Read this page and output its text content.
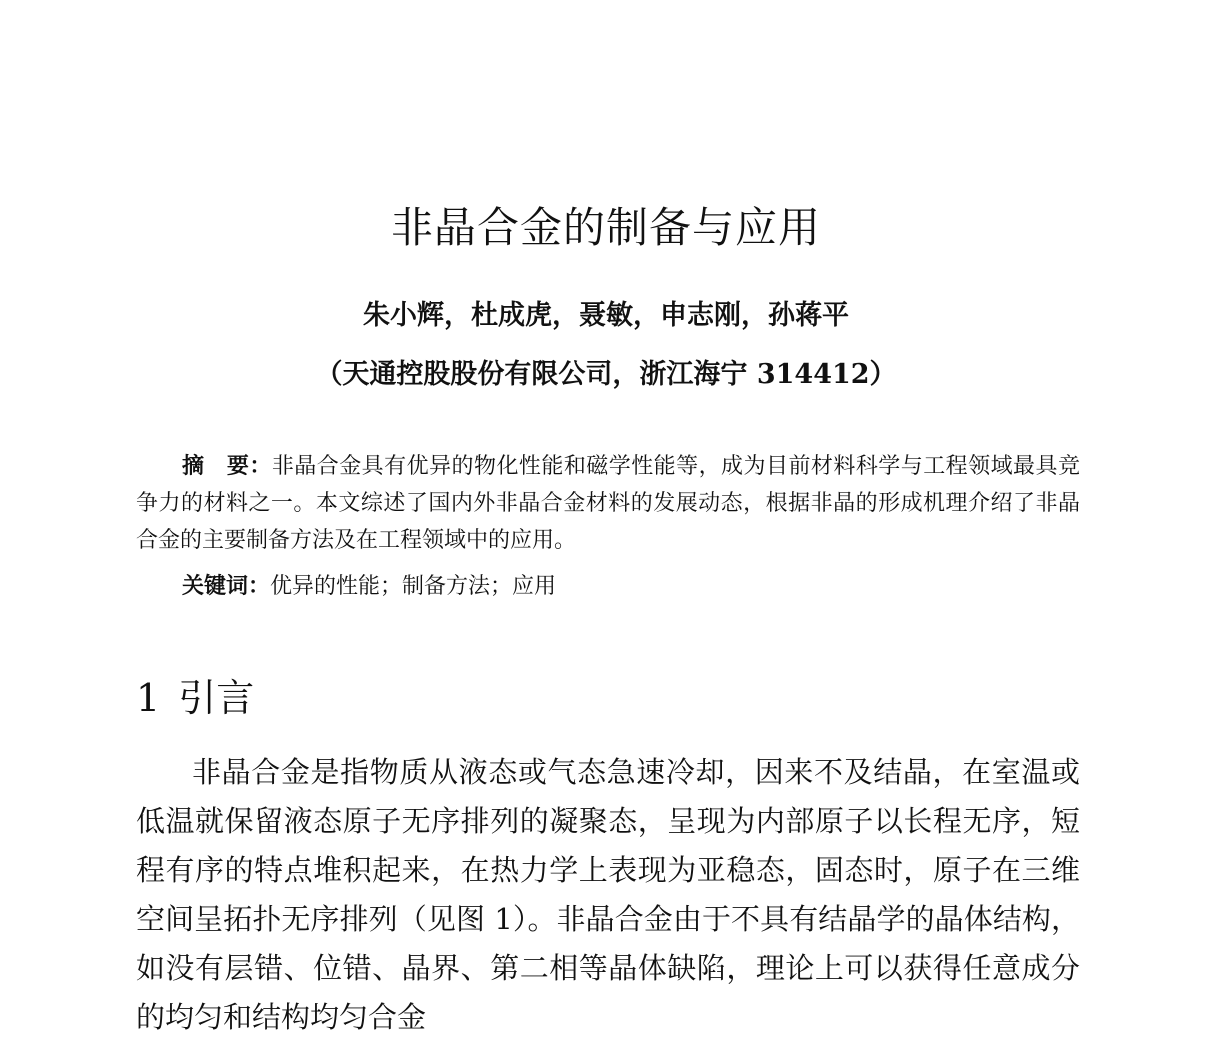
非晶合金的制备与应用
朱小辉，杜成虎，聂敏，申志刚，孙蒋平
（天通控股股份有限公司，浙江海宁 314412）

摘　要：非晶合金具有优异的物化性能和磁学性能等，成为目前材料科学与工程领域最具竞争力的材料之一。本文综述了国内外非晶合金材料的发展动态，根据非晶的形成机理介绍了非晶合金的主要制备方法及在工程领域中的应用。

关键词：优异的性能；制备方法；应用
1 引言

非晶合金是指物质从液态或气态急速冷却，因来不及结晶，在室温或低温就保留液态原子无序排列的凝聚态，呈现为内部原子以长程无序，短程有序的特点堆积起来，在热力学上表现为亚稳态，固态时，原子在三维空间呈拓扑无序排列（见图 1）。非晶合金由于不具有结晶学的晶体结构，如没有层错、位错、晶界、第二相等晶体缺陷，理论上可以获得任意成分的均匀和结构均匀合金
